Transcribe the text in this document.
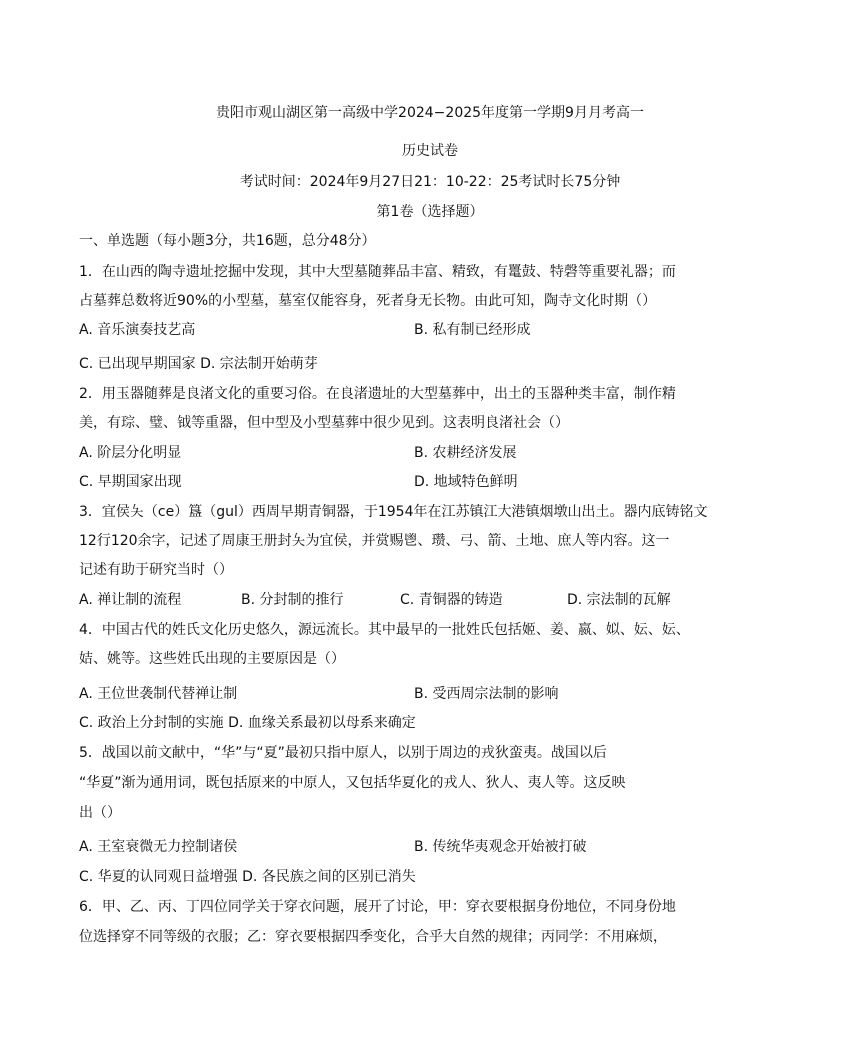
贵阳市观山湖区第一高级中学2024−2025年度第一学期9月月考高一
历史试卷
考试时间：2024年9月27日21：10-22：25考试时长75分钟
第1卷（选择题）
一、单选题（每小题3分，共16题，总分48分）
1．在山西的陶寺遗址挖掘中发现，其中大型墓随葬品丰富、精致，有鼍鼓、特磬等重要礼器；而
占墓葬总数将近90%的小型墓，墓室仅能容身，死者身无长物。由此可知，陶寺文化时期（）
A. 音乐演奏技艺高	B. 私有制已经形成
C. 已出现早期国家 D. 宗法制开始萌芽
2．用玉器随葬是良渚文化的重要习俗。在良渚遗址的大型墓葬中，出土的玉器种类丰富，制作精
美，有琮、璧、钺等重器，但中型及小型墓葬中很少见到。这表明良渚社会（）
A. 阶层分化明显	B. 农耕经济发展
C. 早期国家出现	D. 地域特色鲜明
3．宜侯夨（ce）簋（gul）西周早期青铜器，于1954年在江苏镇江大港镇烟墩山出土。器内底铸铭文
12行120余字，记述了周康王册封夨为宜侯，并赏赐鬯、瓒、弓、箭、土地、庶人等内容。这一
记述有助于研究当时（）
A. 禅让制的流程	B. 分封制的推行	C. 青铜器的铸造	D. 宗法制的瓦解
4．中国古代的姓氏文化历史悠久，源远流长。其中最早的一批姓氏包括姬、姜、嬴、姒、妘、妘、
姞、姚等。这些姓氏出现的主要原因是（）
A. 王位世袭制代替禅让制	B. 受西周宗法制的影响
C. 政治上分封制的实施 D. 血缘关系最初以母系来确定
5．战国以前文献中，“华”与“夏”最初只指中原人，以别于周边的戎狄蛮夷。战国以后
“华夏”渐为通用词，既包括原来的中原人，又包括华夏化的戎人、狄人、夷人等。这反映
出（）
A. 王室衰微无力控制诸侯	B. 传统华夷观念开始被打破
C. 华夏的认同观日益增强 D. 各民族之间的区别已消失
6．甲、乙、丙、丁四位同学关于穿衣问题，展开了讨论，甲：穿衣要根据身份地位，不同身份地
位选择穿不同等级的衣服；乙：穿衣要根据四季变化，合乎大自然的规律；丙同学：不用麻烦，
